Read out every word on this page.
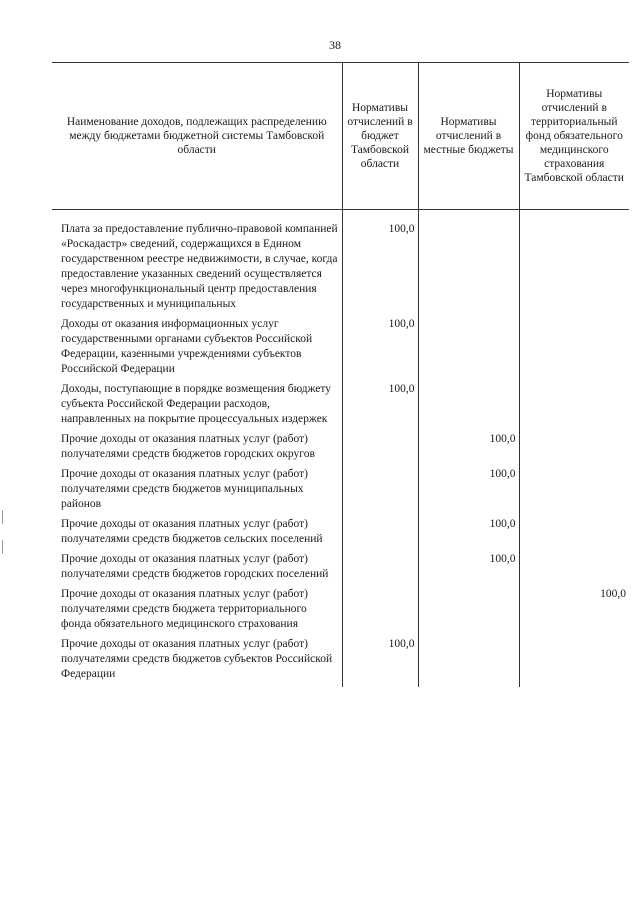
38
Наименование доходов, подлежащих распределению между бюджетами бюджетной системы Тамбовской области	Нормативы отчислений в бюджет Тамбовской области	Нормативы отчислений в местные бюджеты	Нормативы отчислений в территориальный фонд обязательного медицинского страхования Тамбовской области

Плата за предоставление публично-правовой компанией «Роскадастр» сведений, содержащихся в Едином государственном реестре недвижимости, в случае, когда предоставление указанных сведений осуществляется через многофункциональный центр предоставления государственных и муниципальных	100,0		
Доходы от оказания информационных услуг государственными органами субъектов Российской Федерации, казенными учреждениями субъектов Российской Федерации	100,0		
Доходы, поступающие в порядке возмещения бюджету субъекта Российской Федерации расходов, направленных на покрытие процессуальных издержек	100,0		
Прочие доходы от оказания платных услуг (работ) получателями средств бюджетов городских округов		100,0	
Прочие доходы от оказания платных услуг (работ) получателями средств бюджетов муниципальных районов		100,0	
Прочие доходы от оказания платных услуг (работ) получателями средств бюджетов сельских поселений		100,0	
Прочие доходы от оказания платных услуг (работ) получателями средств бюджетов городских поселений		100,0	
Прочие доходы от оказания платных услуг (работ) получателями средств бюджета территориального фонда обязательного медицинского страхования			100,0
Прочие доходы от оказания платных услуг (работ) получателями средств бюджетов субъектов Российской Федерации	100,0		
